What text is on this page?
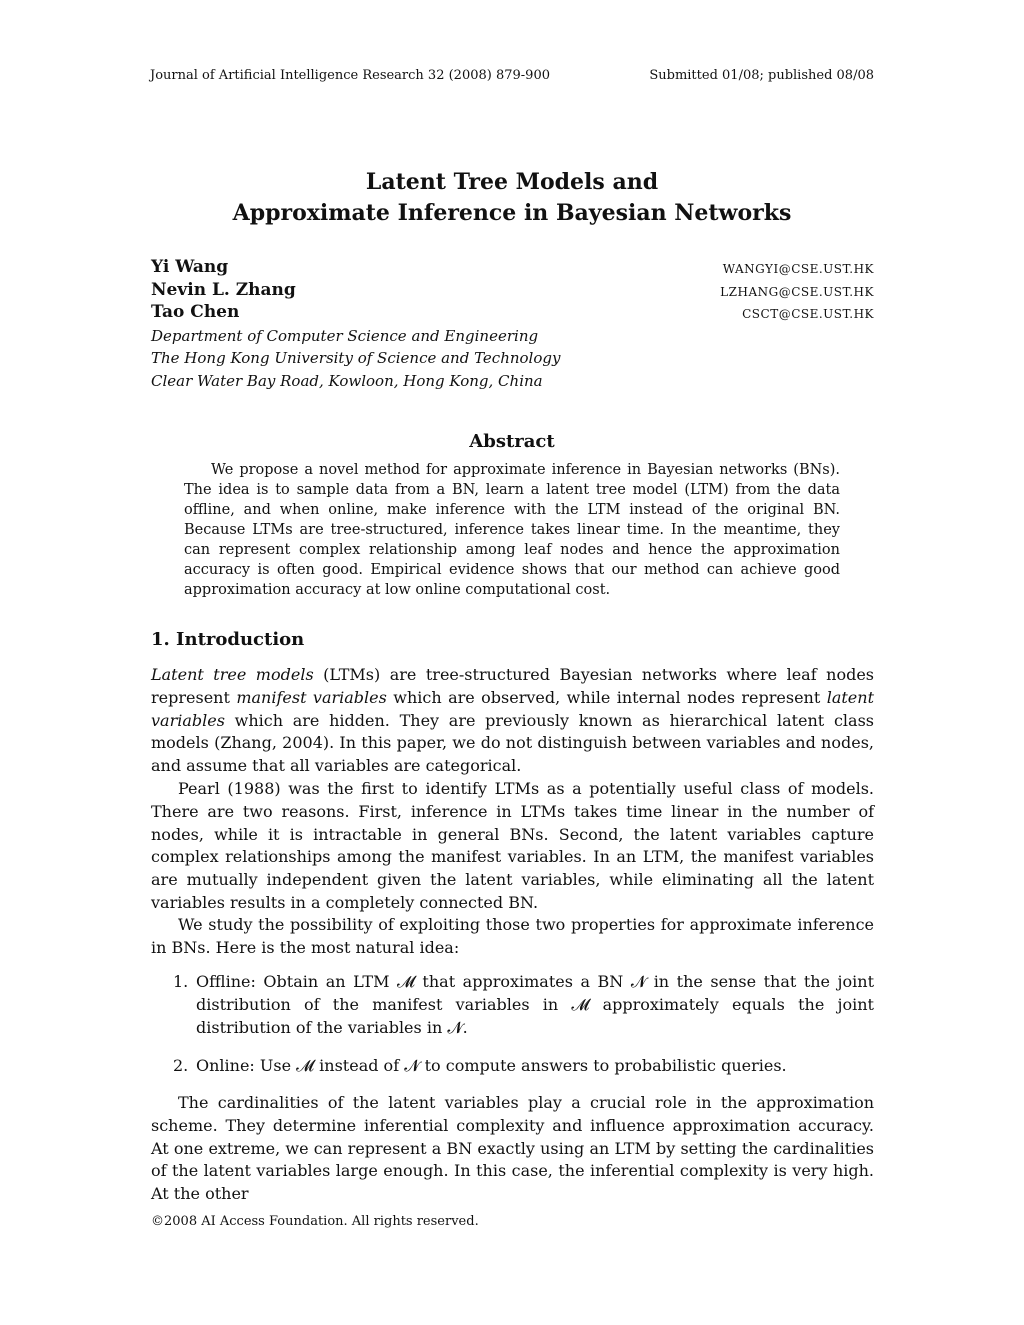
Journal of Artificial Intelligence Research 32 (2008) 879-900	Submitted 01/08; published 08/08
Latent Tree Models and
Approximate Inference in Bayesian Networks
Yi Wang	WANGYI@CSE.UST.HK
Nevin L. Zhang	LZHANG@CSE.UST.HK
Tao Chen	CSCT@CSE.UST.HK
Department of Computer Science and Engineering
The Hong Kong University of Science and Technology
Clear Water Bay Road, Kowloon, Hong Kong, China
Abstract
We propose a novel method for approximate inference in Bayesian networks (BNs). The idea is to sample data from a BN, learn a latent tree model (LTM) from the data offline, and when online, make inference with the LTM instead of the original BN. Because LTMs are tree-structured, inference takes linear time. In the meantime, they can represent complex relationship among leaf nodes and hence the approximation accuracy is often good. Empirical evidence shows that our method can achieve good approximation accuracy at low online computational cost.
1. Introduction
Latent tree models (LTMs) are tree-structured Bayesian networks where leaf nodes represent manifest variables which are observed, while internal nodes represent latent variables which are hidden. They are previously known as hierarchical latent class models (Zhang, 2004). In this paper, we do not distinguish between variables and nodes, and assume that all variables are categorical.
Pearl (1988) was the first to identify LTMs as a potentially useful class of models. There are two reasons. First, inference in LTMs takes time linear in the number of nodes, while it is intractable in general BNs. Second, the latent variables capture complex relationships among the manifest variables. In an LTM, the manifest variables are mutually independent given the latent variables, while eliminating all the latent variables results in a completely connected BN.
We study the possibility of exploiting those two properties for approximate inference in BNs. Here is the most natural idea:
1. Offline: Obtain an LTM 𝓜 that approximates a BN 𝓝 in the sense that the joint distribution of the manifest variables in 𝓜 approximately equals the joint distribution of the variables in 𝓝.
2. Online: Use 𝓜 instead of 𝓝 to compute answers to probabilistic queries.
The cardinalities of the latent variables play a crucial role in the approximation scheme. They determine inferential complexity and influence approximation accuracy. At one extreme, we can represent a BN exactly using an LTM by setting the cardinalities of the latent variables large enough. In this case, the inferential complexity is very high. At the other
©2008 AI Access Foundation. All rights reserved.
